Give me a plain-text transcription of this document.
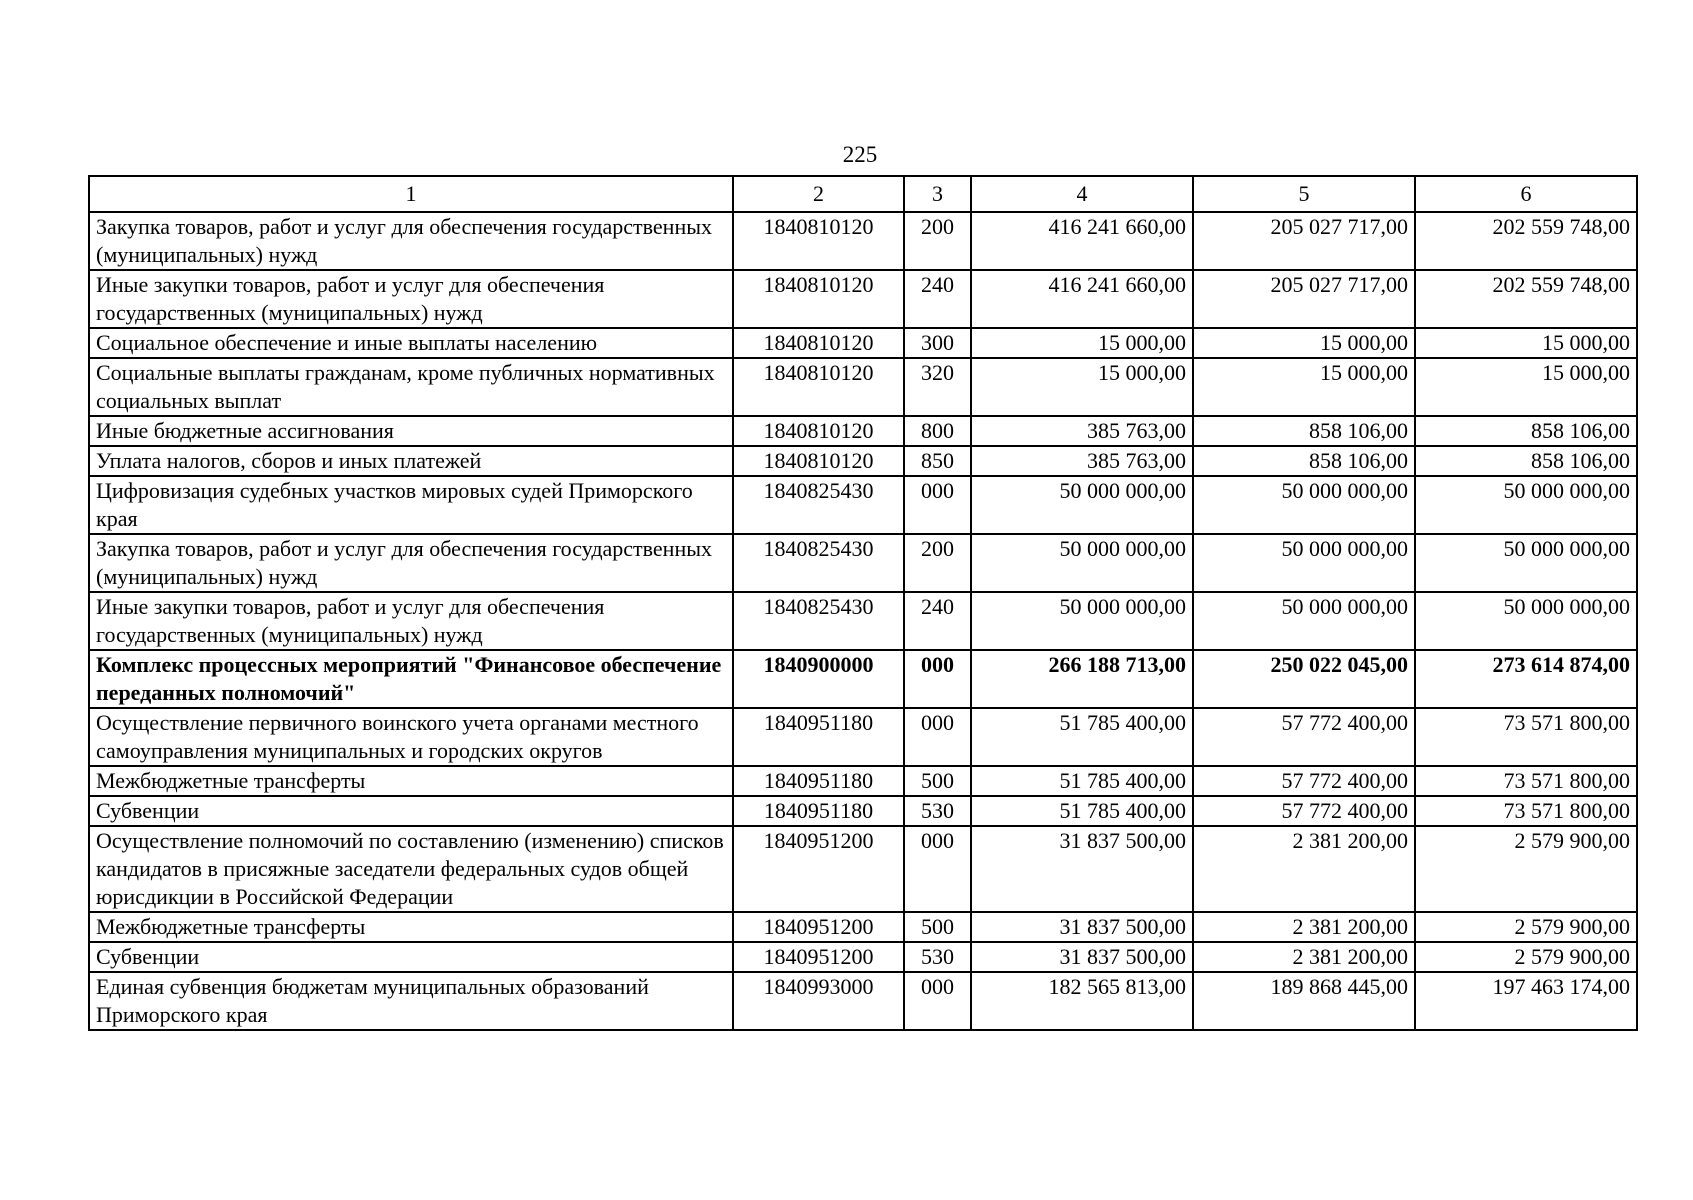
225
1	2	3	4	5	6
Закупка товаров, работ и услуг для обеспечения государственных (муниципальных) нужд	1840810120	200	416 241 660,00	205 027 717,00	202 559 748,00
Иные закупки товаров, работ и услуг для обеспечения государственных (муниципальных) нужд	1840810120	240	416 241 660,00	205 027 717,00	202 559 748,00
Социальное обеспечение и иные выплаты населению	1840810120	300	15 000,00	15 000,00	15 000,00
Социальные выплаты гражданам, кроме публичных нормативных социальных выплат	1840810120	320	15 000,00	15 000,00	15 000,00
Иные бюджетные ассигнования	1840810120	800	385 763,00	858 106,00	858 106,00
Уплата налогов, сборов и иных платежей	1840810120	850	385 763,00	858 106,00	858 106,00
Цифровизация судебных участков мировых судей Приморского края	1840825430	000	50 000 000,00	50 000 000,00	50 000 000,00
Закупка товаров, работ и услуг для обеспечения государственных (муниципальных) нужд	1840825430	200	50 000 000,00	50 000 000,00	50 000 000,00
Иные закупки товаров, работ и услуг для обеспечения государственных (муниципальных) нужд	1840825430	240	50 000 000,00	50 000 000,00	50 000 000,00
Комплекс процессных мероприятий "Финансовое обеспечение переданных полномочий"	1840900000	000	266 188 713,00	250 022 045,00	273 614 874,00
Осуществление первичного воинского учета органами местного самоуправления муниципальных и городских округов	1840951180	000	51 785 400,00	57 772 400,00	73 571 800,00
Межбюджетные трансферты	1840951180	500	51 785 400,00	57 772 400,00	73 571 800,00
Субвенции	1840951180	530	51 785 400,00	57 772 400,00	73 571 800,00
Осуществление полномочий по составлению (изменению) списков кандидатов в присяжные заседатели федеральных судов общей юрисдикции в Российской Федерации	1840951200	000	31 837 500,00	2 381 200,00	2 579 900,00
Межбюджетные трансферты	1840951200	500	31 837 500,00	2 381 200,00	2 579 900,00
Субвенции	1840951200	530	31 837 500,00	2 381 200,00	2 579 900,00
Единая субвенция бюджетам муниципальных образований Приморского края	1840993000	000	182 565 813,00	189 868 445,00	197 463 174,00
